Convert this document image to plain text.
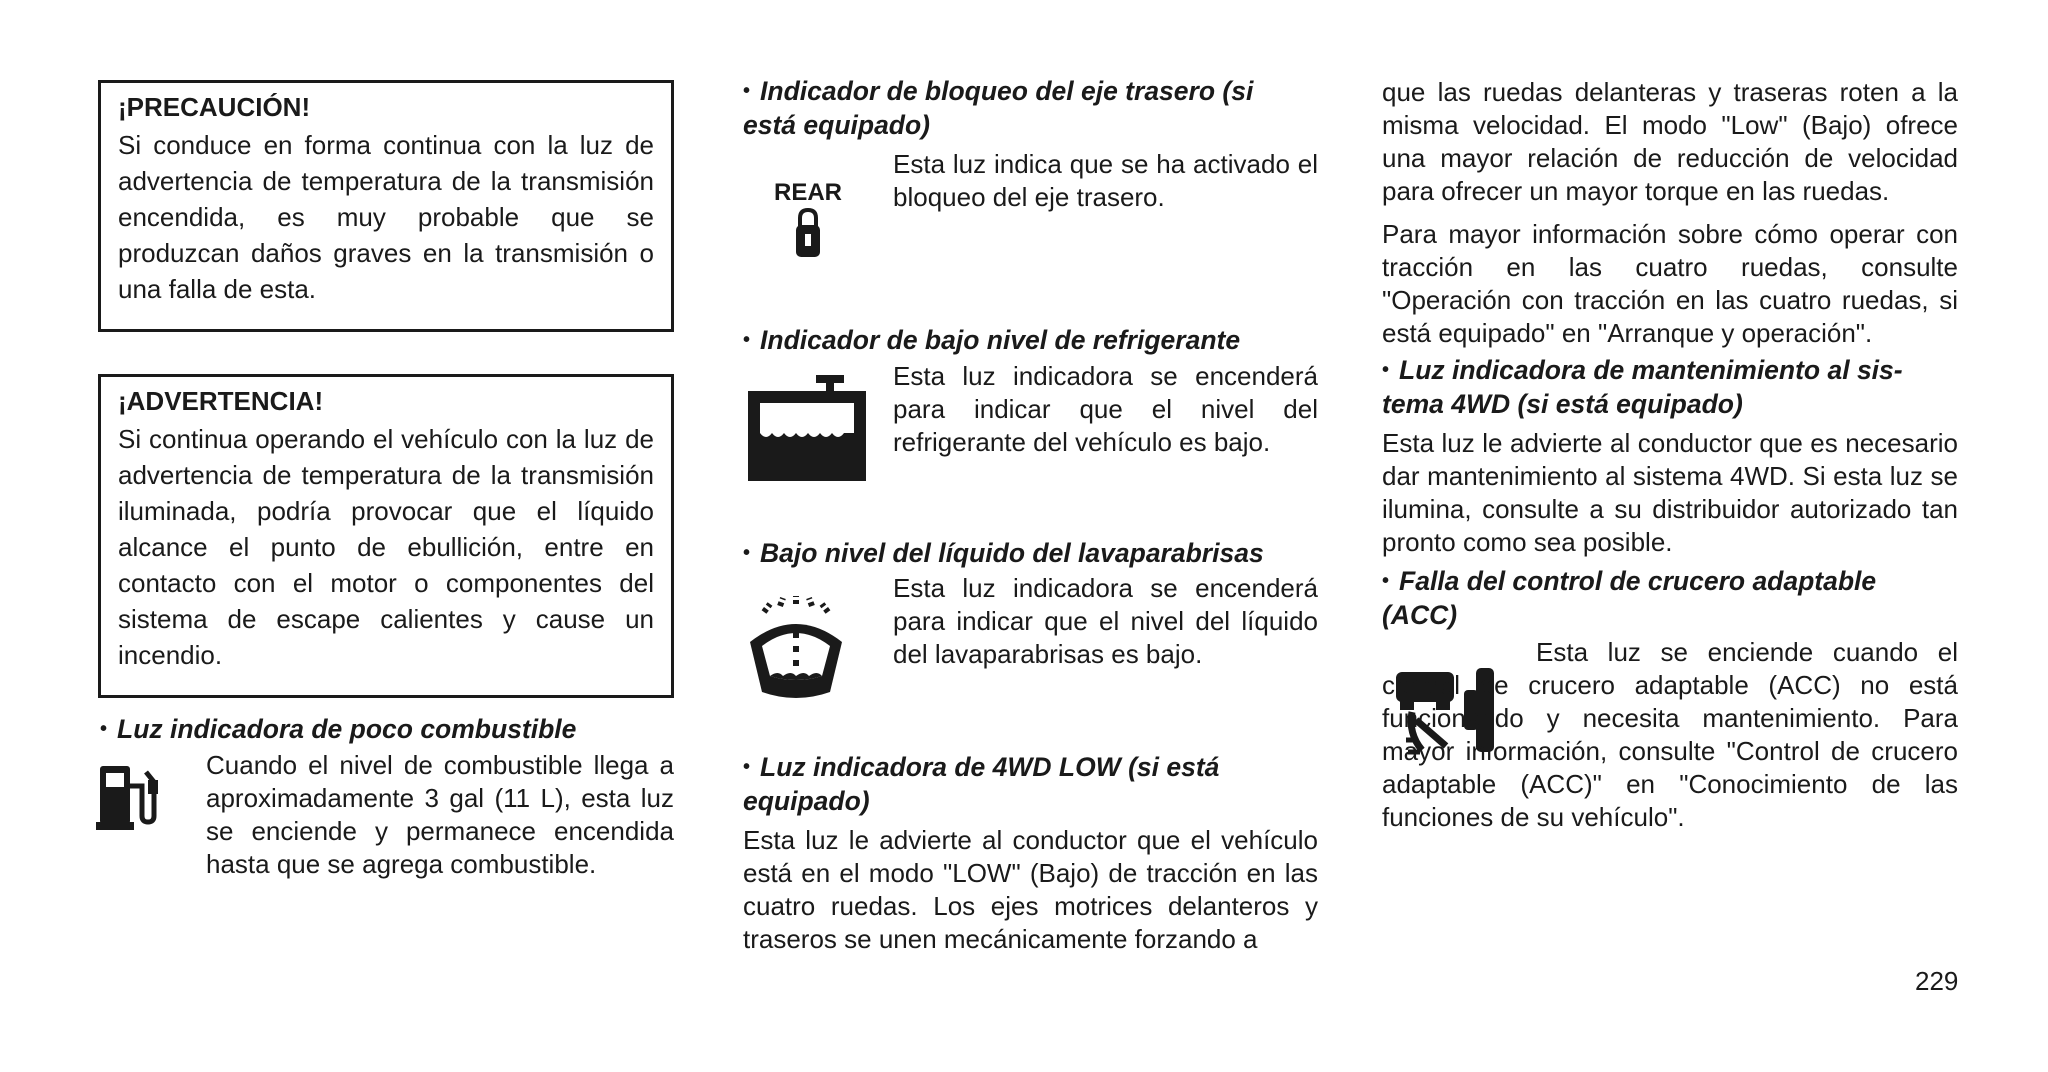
¡PRECAUCIÓN!

Si conduce en forma continua con la luz de advertencia de temperatura de la transmisión encendida, es muy probable que se produzcan daños graves en la transmisión o una falla de esta.

¡ADVERTENCIA!

Si continua operando el vehículo con la luz de advertencia de temperatura de la transmisión iluminada, podría provocar que el líquido alcance el punto de ebullición, entre en contacto con el motor o componentes del sistema de escape calientes y cause un incendio.

• Luz indicadora de poco combustible

Cuando el nivel de combustible llega a aproximadamente 3 gal (11 L), esta luz se enciende y permanece encendida hasta que se agrega combustible.

• Indicador de bloqueo del eje trasero (si
está equipado)

REAR

Esta luz indica que se ha activado el bloqueo del eje trasero.

• Indicador de bajo nivel de refrigerante

Esta luz indicadora se encenderá para indicar que el nivel del refrigerante del vehículo es bajo.

• Bajo nivel del líquido del lavaparabrisas

Esta luz indicadora se encenderá para indicar que el nivel del líquido del lavaparabrisas es bajo.

• Luz indicadora de 4WD LOW (si está
equipado)

Esta luz le advierte al conductor que el vehículo está en el modo "LOW" (Bajo) de tracción en las cuatro ruedas. Los ejes motrices delanteros y traseros se unen mecánicamente forzando a

que las ruedas delanteras y traseras roten a la misma velocidad. El modo "Low" (Bajo) ofrece una mayor relación de reducción de velocidad para ofrecer un mayor torque en las ruedas.

Para mayor información sobre cómo operar con tracción en las cuatro ruedas, consulte "Operación con tracción en las cuatro ruedas, si está equipado" en "Arranque y operación".

• Luz indicadora de mantenimiento al sis-
tema 4WD (si está equipado)

Esta luz le advierte al conductor que es necesario dar mantenimiento al sistema 4WD. Si esta luz se ilumina, consulte a su distribuidor autorizado tan pronto como sea posible.

• Falla del control de crucero adaptable
(ACC)

Esta luz se enciende cuando el control de crucero adaptable (ACC) no está funcionando y necesita mantenimiento. Para mayor información, consulte "Control de crucero adaptable (ACC)" en "Conocimiento de las funciones de su vehículo".

229
